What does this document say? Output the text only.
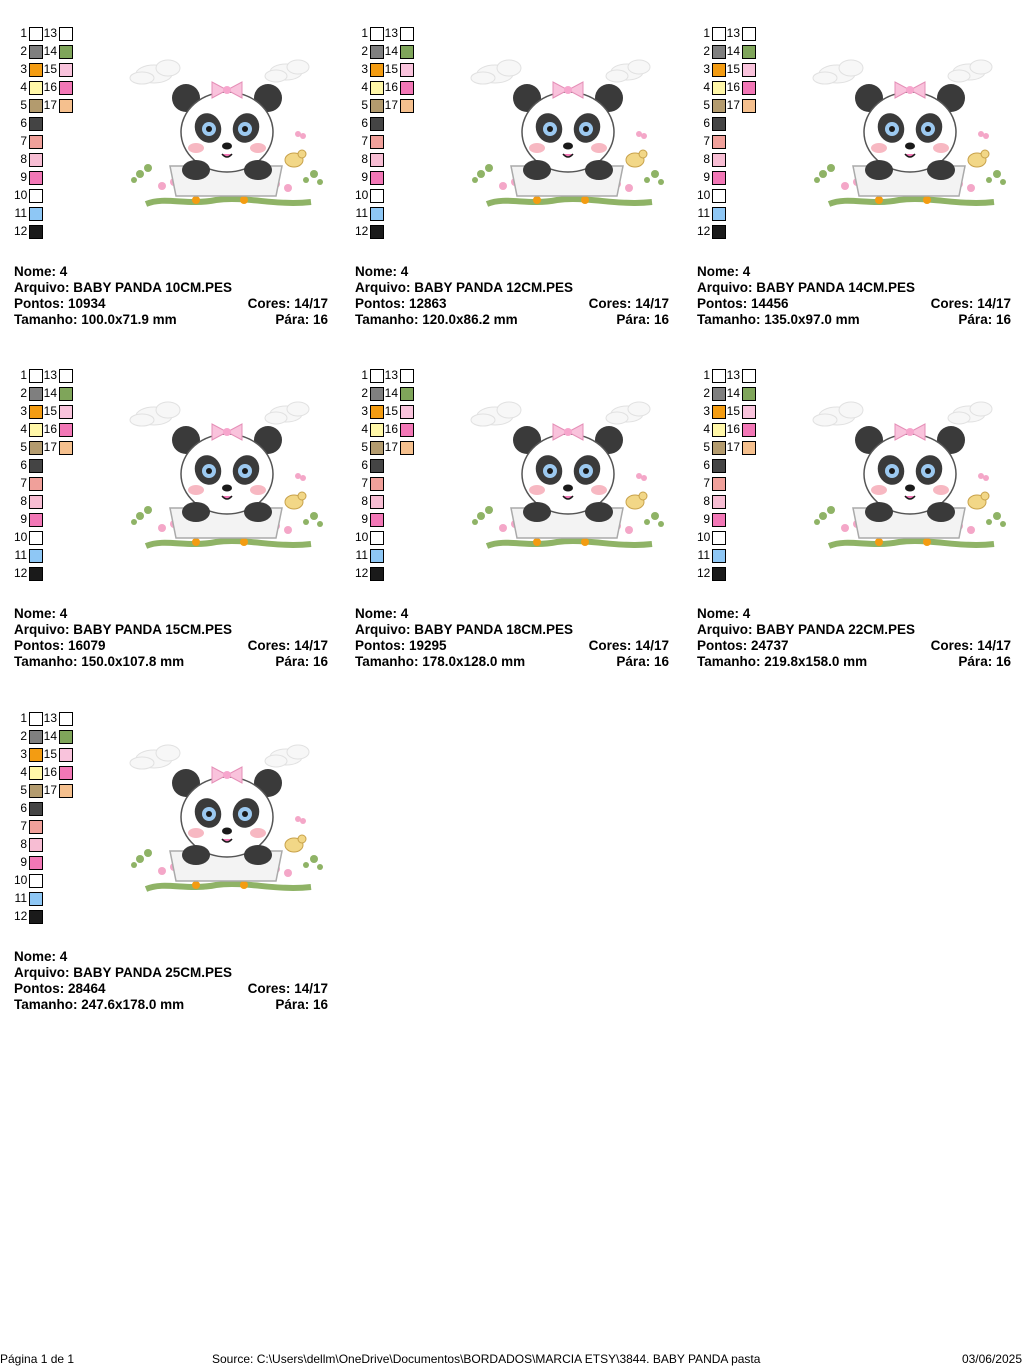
1 13
2 14
3 15
4 16
5 17
6
7
8
9
10
11
12
Nome: 4
Arquivo: BABY PANDA 10CM.PES
Pontos: 10934	Cores: 14/17
Tamanho: 100.0x71.9 mm	Pára: 16
1 13
2 14
3 15
4 16
5 17
6
7
8
9
10
11
12
Nome: 4
Arquivo: BABY PANDA 12CM.PES
Pontos: 12863	Cores: 14/17
Tamanho: 120.0x86.2 mm	Pára: 16
1 13
2 14
3 15
4 16
5 17
6
7
8
9
10
11
12
Nome: 4
Arquivo: BABY PANDA 14CM.PES
Pontos: 14456	Cores: 14/17
Tamanho: 135.0x97.0 mm	Pára: 16
1 13
2 14
3 15
4 16
5 17
6
7
8
9
10
11
12
Nome: 4
Arquivo: BABY PANDA 15CM.PES
Pontos: 16079	Cores: 14/17
Tamanho: 150.0x107.8 mm	Pára: 16
1 13
2 14
3 15
4 16
5 17
6
7
8
9
10
11
12
Nome: 4
Arquivo: BABY PANDA 18CM.PES
Pontos: 19295	Cores: 14/17
Tamanho: 178.0x128.0 mm	Pára: 16
1 13
2 14
3 15
4 16
5 17
6
7
8
9
10
11
12
Nome: 4
Arquivo: BABY PANDA 22CM.PES
Pontos: 24737	Cores: 14/17
Tamanho: 219.8x158.0 mm	Pára: 16
1 13
2 14
3 15
4 16
5 17
6
7
8
9
10
11
12
Nome: 4
Arquivo: BABY PANDA 25CM.PES
Pontos: 28464	Cores: 14/17
Tamanho: 247.6x178.0 mm	Pára: 16
Página 1 de 1	Source: C:\Users\dellm\OneDrive\Documentos\BORDADOS\MARCIA ETSY\3844. BABY PANDA pasta	03/06/2025
